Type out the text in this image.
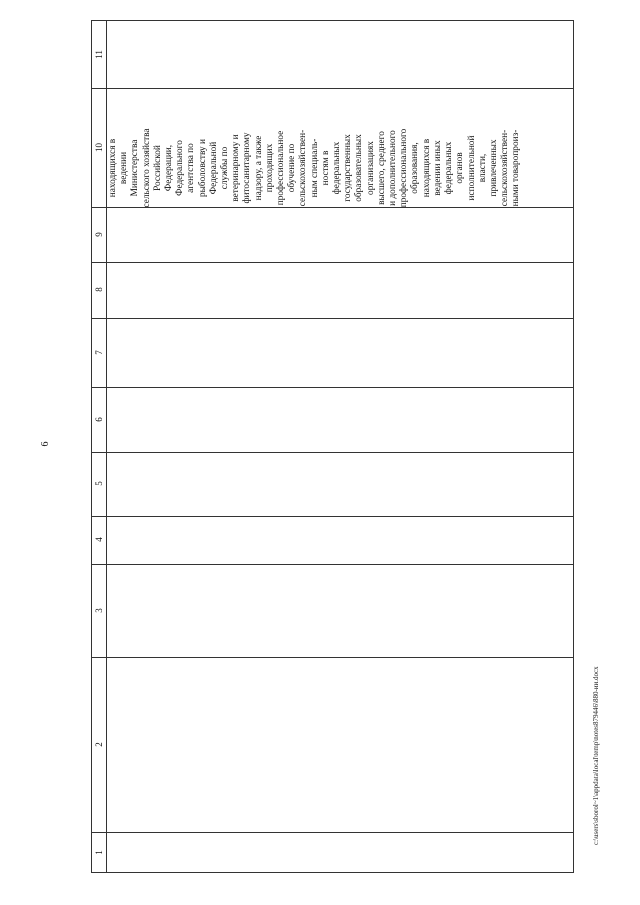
6
находящихся в ведении Министерства сельского хозяйства Российской Федерации, Федерального агентства по рыболовству и Федеральной службы по ветеринарному и фитосанитарному надзору, а также проходящих профессиональное обучение по сельскохозяйствен- ным специаль- ностям в федеральных государственных образовательных организациях высшего, среднего и дополнительного профессионального образования, находящихся в ведении иных федеральных органов исполнительной власти, привлеченных сельскохозяйствен- ными товаропроиз-
11
10
9
8
7
6
5
4
3
2
1
c:\users\sborol~1\appdata\local\temp\notes879446\880-ии.docx
